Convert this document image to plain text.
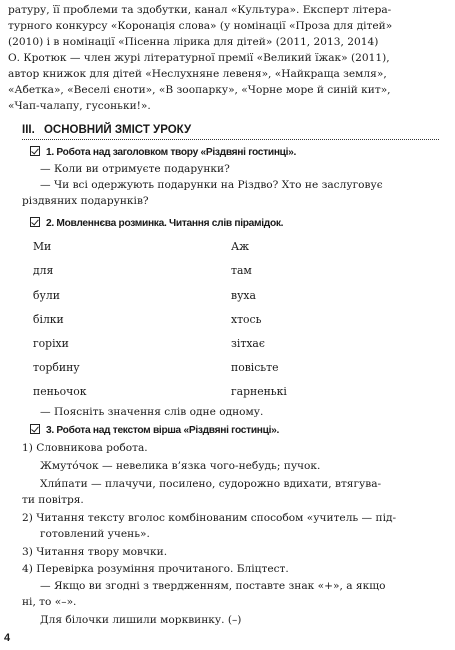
ратуру, її проблеми та здобутки, канал «Культура». Експерт літера-
турного конкурсу «Коронація слова» (у номінації «Проза для дітей»
(2010) і в номінації «Пісенна лірика для дітей» (2011, 2013, 2014)
О. Кротюк — член журі літературної премії «Великий їжак» (2011),
автор книжок для дітей «Неслухняне левеня», «Найкраща земля»,
«Абетка», «Веселі єноти», «В зоопарку», «Чорне море й синій кит»,
«Чап-чалапу, гусоньки!».
III. ОСНОВНИЙ ЗМІСТ УРОКУ
1. Робота над заголовком твору «Різдвяні гостинці».
— Коли ви отримуєте подарунки?
— Чи всі одержують подарунки на Різдво? Хто не заслуговує
різдвяних подарунків?
2. Мовленнєва розминка. Читання слів пірамідок.
Ми
для
були
білки
горіхи
торбину
пеньочок
Аж
там
вуха
хтось
зітхає
повісьте
гарненькі
— Поясніть значення слів одне одному.
3. Робота над текстом вірша «Різдвяні гостинці».
1) Словникова робота.
Жмуто́чок — невелика в’язка чого-небудь; пучок.
Хли́пати — плачучи, посилено, судорожно вдихати, втягува-
ти повітря.
2) Читання тексту вголос комбінованим способом «учитель — під-
готовлений учень».
3) Читання твору мовчки.
4) Перевірка розуміння прочитаного. Бліцтест.
— Якщо ви згодні з твердженням, поставте знак «+», а якщо
ні, то «–».
Для білочки лишили морквинку. (–)
4
